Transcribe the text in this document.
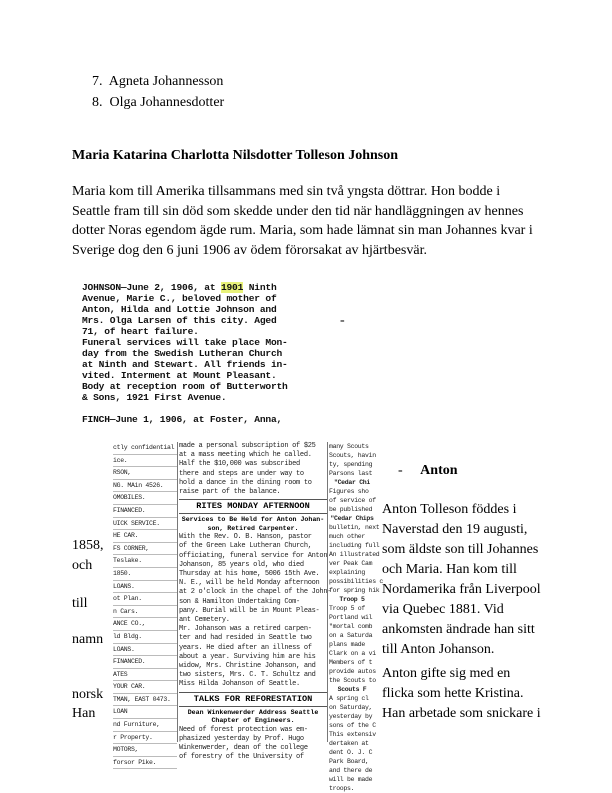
7. Agneta Johannesson
8. Olga Johannesdotter
Maria Katarina Charlotta Nilsdotter Tolleson Johnson
Maria kom till Amerika tillsammans med sin två yngsta döttrar. Hon bodde i
Seattle fram till sin död som skedde under den tid när handläggningen av hennes
dotter Noras egendom ägde rum. Maria, som hade lämnat sin man Johannes kvar i
Sverige dog den 6 juni 1906 av ödem förorsakat av hjärtbesvär.
JOHNSON—June 2, 1906, at 1901 Ninth
Avenue, Marie C., beloved mother of
Anton, Hilda and Lottie Johnson and
Mrs. Olga Larsen of this city. Aged
71, of heart failure.
Funeral services will take place Mon-
day from the Swedish Lutheran Church
at Ninth and Stewart. All friends in-
vited. Interment at Mount Pleasant.
Body at reception room of Butterworth
& Sons, 1921 First Avenue.

FINCH—June 1, 1906, at Foster, Anna,
-
1858,
och
till
namn
norsk
Han
ctly confidential
ice.
RSON,
NG. MAin 4526.
OMOBILES.
FINANCED.
UICK SERVICE.
HE CAR.
FS CORNER,
Teslake.
1850.
LOANS.
ot Plan.
n Cars.
ANCE CO.,
ld Bldg.
LOANS.
FINANCED.
ATES
YOUR CAR.
TMAN, EAST 0473.
LOAN
nd Furniture,
r Property.
MOTORS,
forsor Pike.
made a personal subscription of $25
at a mass meeting which he called.
Half the $10,000 was subscribed
there and steps are under way to
hold a dance in the dining room to
raise part of the balance.
RITES MONDAY AFTERNOON
Services to Be Held for Anton Johan-
son, Retired Carpenter.
With the Rev. O. B. Hanson, pastor
of the Green Lake Lutheran Church,
officiating, funeral service for Anton
Johanson, 85 years old, who died
Thursday at his home, 5006 15th Ave.
N. E., will be held Monday afternoon
at 2 o'clock in the chapel of the John-
son & Hamilton Undertaking Com-
pany. Burial will be in Mount Pleas-
ant Cemetery.
Mr. Johanson was a retired carpen-
ter and had resided in Seattle two
years. He died after an illness of
about a year. Surviving him are his
widow, Mrs. Christine Johanson, and
two sisters, Mrs. C. T. Schultz and
Miss Hilda Johanson of Seattle.
TALKS FOR REFORESTATION
Dean Winkenwerder Address Seattle
Chapter of Engineers.
Need of forest protection was em-
phasized yesterday by Prof. Hugo
Winkenwerder, dean of the college
of forestry of the University of
many Scouts
Scouts, havin
ty, spending
Parsons last
"Cedar Chi
Figures sho
of service of
be published
"Cedar Chips
bulletin, next
much other
including full
An illustrated
ver Peak Cam
explaining
possibilities c
for spring hik
Troop 5
Troop 5 of
Portland wil
"mortal comb
on a Saturda
plans made
Clark on a vi
Members of t
provide autos
the Scouts to
Scouts F
A spring cl
on Saturday,
yesterday by
sons of the C
This extensiv
dertaken at
dent O. J. C
Park Board,
and there de
will be made
troops.
- Anton
Anton Tolleson föddes i
Naverstad den 19 augusti,
som äldste son till Johannes
och Maria. Han kom till
Nordamerika från Liverpool
via Quebec 1881. Vid
ankomsten ändrade han sitt
till Anton Johanson.
Anton gifte sig med en
flicka som hette Kristina.
Han arbetade som snickare i
